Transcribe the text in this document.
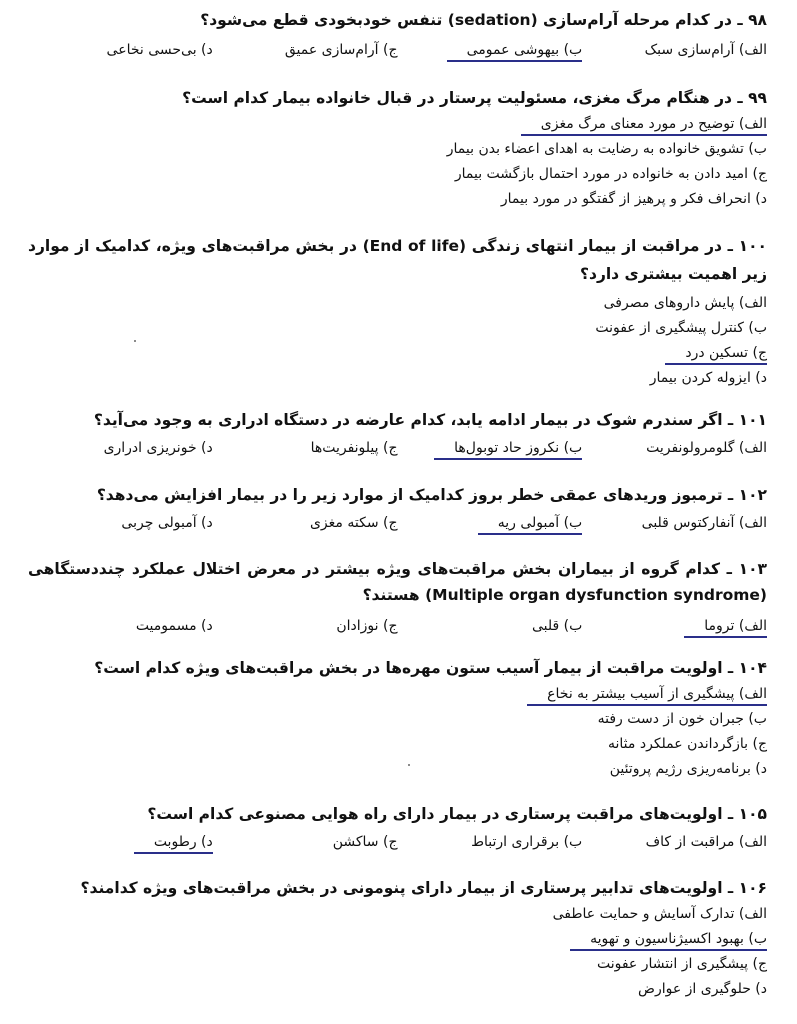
۹۸ ـ در کدام مرحله آرام‌سازی (sedation) تنفس خودبخودی قطع می‌شود؟
الف) آرام‌سازی سبک
ب) بیهوشی عمومی
ج) آرام‌سازی عمیق
د) بی‌حسی نخاعی
۹۹ ـ در هنگام مرگ مغزی، مسئولیت پرستار در قبال خانواده بیمار کدام است؟
الف) توضیح در مورد معنای مرگ مغزی
ب) تشویق خانواده به رضایت به اهدای اعضاء بدن بیمار
ج) امید دادن به خانواده در مورد احتمال بازگشت بیمار
د) انحراف فکر و پرهیز از گفتگو در مورد بیمار
۱۰۰ ـ در مراقبت از بیمار انتهای زندگی (End of life) در بخش مراقبت‌های ویژه، کدامیک از موارد زیر اهمیت بیشتری دارد؟
الف) پایش داروهای مصرفی
ب) کنترل پیشگیری از عفونت
ج) تسکین درد
د) ایزوله کردن بیمار
۱۰۱ ـ اگر سندرم شوک در بیمار ادامه یابد، کدام عارضه در دستگاه ادراری به وجود می‌آید؟
الف) گلومرولونفریت
ب) نکروز حاد توبول‌ها
ج) پیلونفریت‌ها
د) خونریزی ادراری
۱۰۲ ـ ترمبوز وریدهای عمقی خطر بروز کدامیک از موارد زیر را در بیمار افزایش می‌دهد؟
الف) آنفارکتوس قلبی
ب) آمبولی ریه
ج) سکته مغزی
د) آمبولی چربی
۱۰۳ ـ کدام گروه از بیماران بخش مراقبت‌های ویژه بیشتر در معرض اختلال عملکرد چنددستگاهی (Multiple organ dysfunction syndrome) هستند؟
الف) تروما
ب) قلبی
ج) نوزادان
د) مسمومیت
۱۰۴ ـ اولویت مراقبت از بیمار آسیب ستون مهره‌ها در بخش مراقبت‌های ویژه کدام است؟
الف) پیشگیری از آسیب بیشتر به نخاع
ب) جبران خون از دست رفته
ج) بازگرداندن عملکرد مثانه
د) برنامه‌ریزی رژیم پروتئین
۱۰۵ ـ اولویت‌های مراقبت پرستاری در بیمار دارای راه هوایی مصنوعی کدام است؟
الف) مراقبت از کاف
ب) برقراری ارتباط
ج) ساکشن
د) رطوبت
۱۰۶ ـ اولویت‌های تدابیر پرستاری از بیمار دارای پنومونی در بخش مراقبت‌های ویژه کدامند؟
الف) تدارک آسایش و حمایت عاطفی
ب) بهبود اکسیژناسیون و تهویه
ج) پیشگیری از انتشار عفونت
د) حلوگیری از عوارض
